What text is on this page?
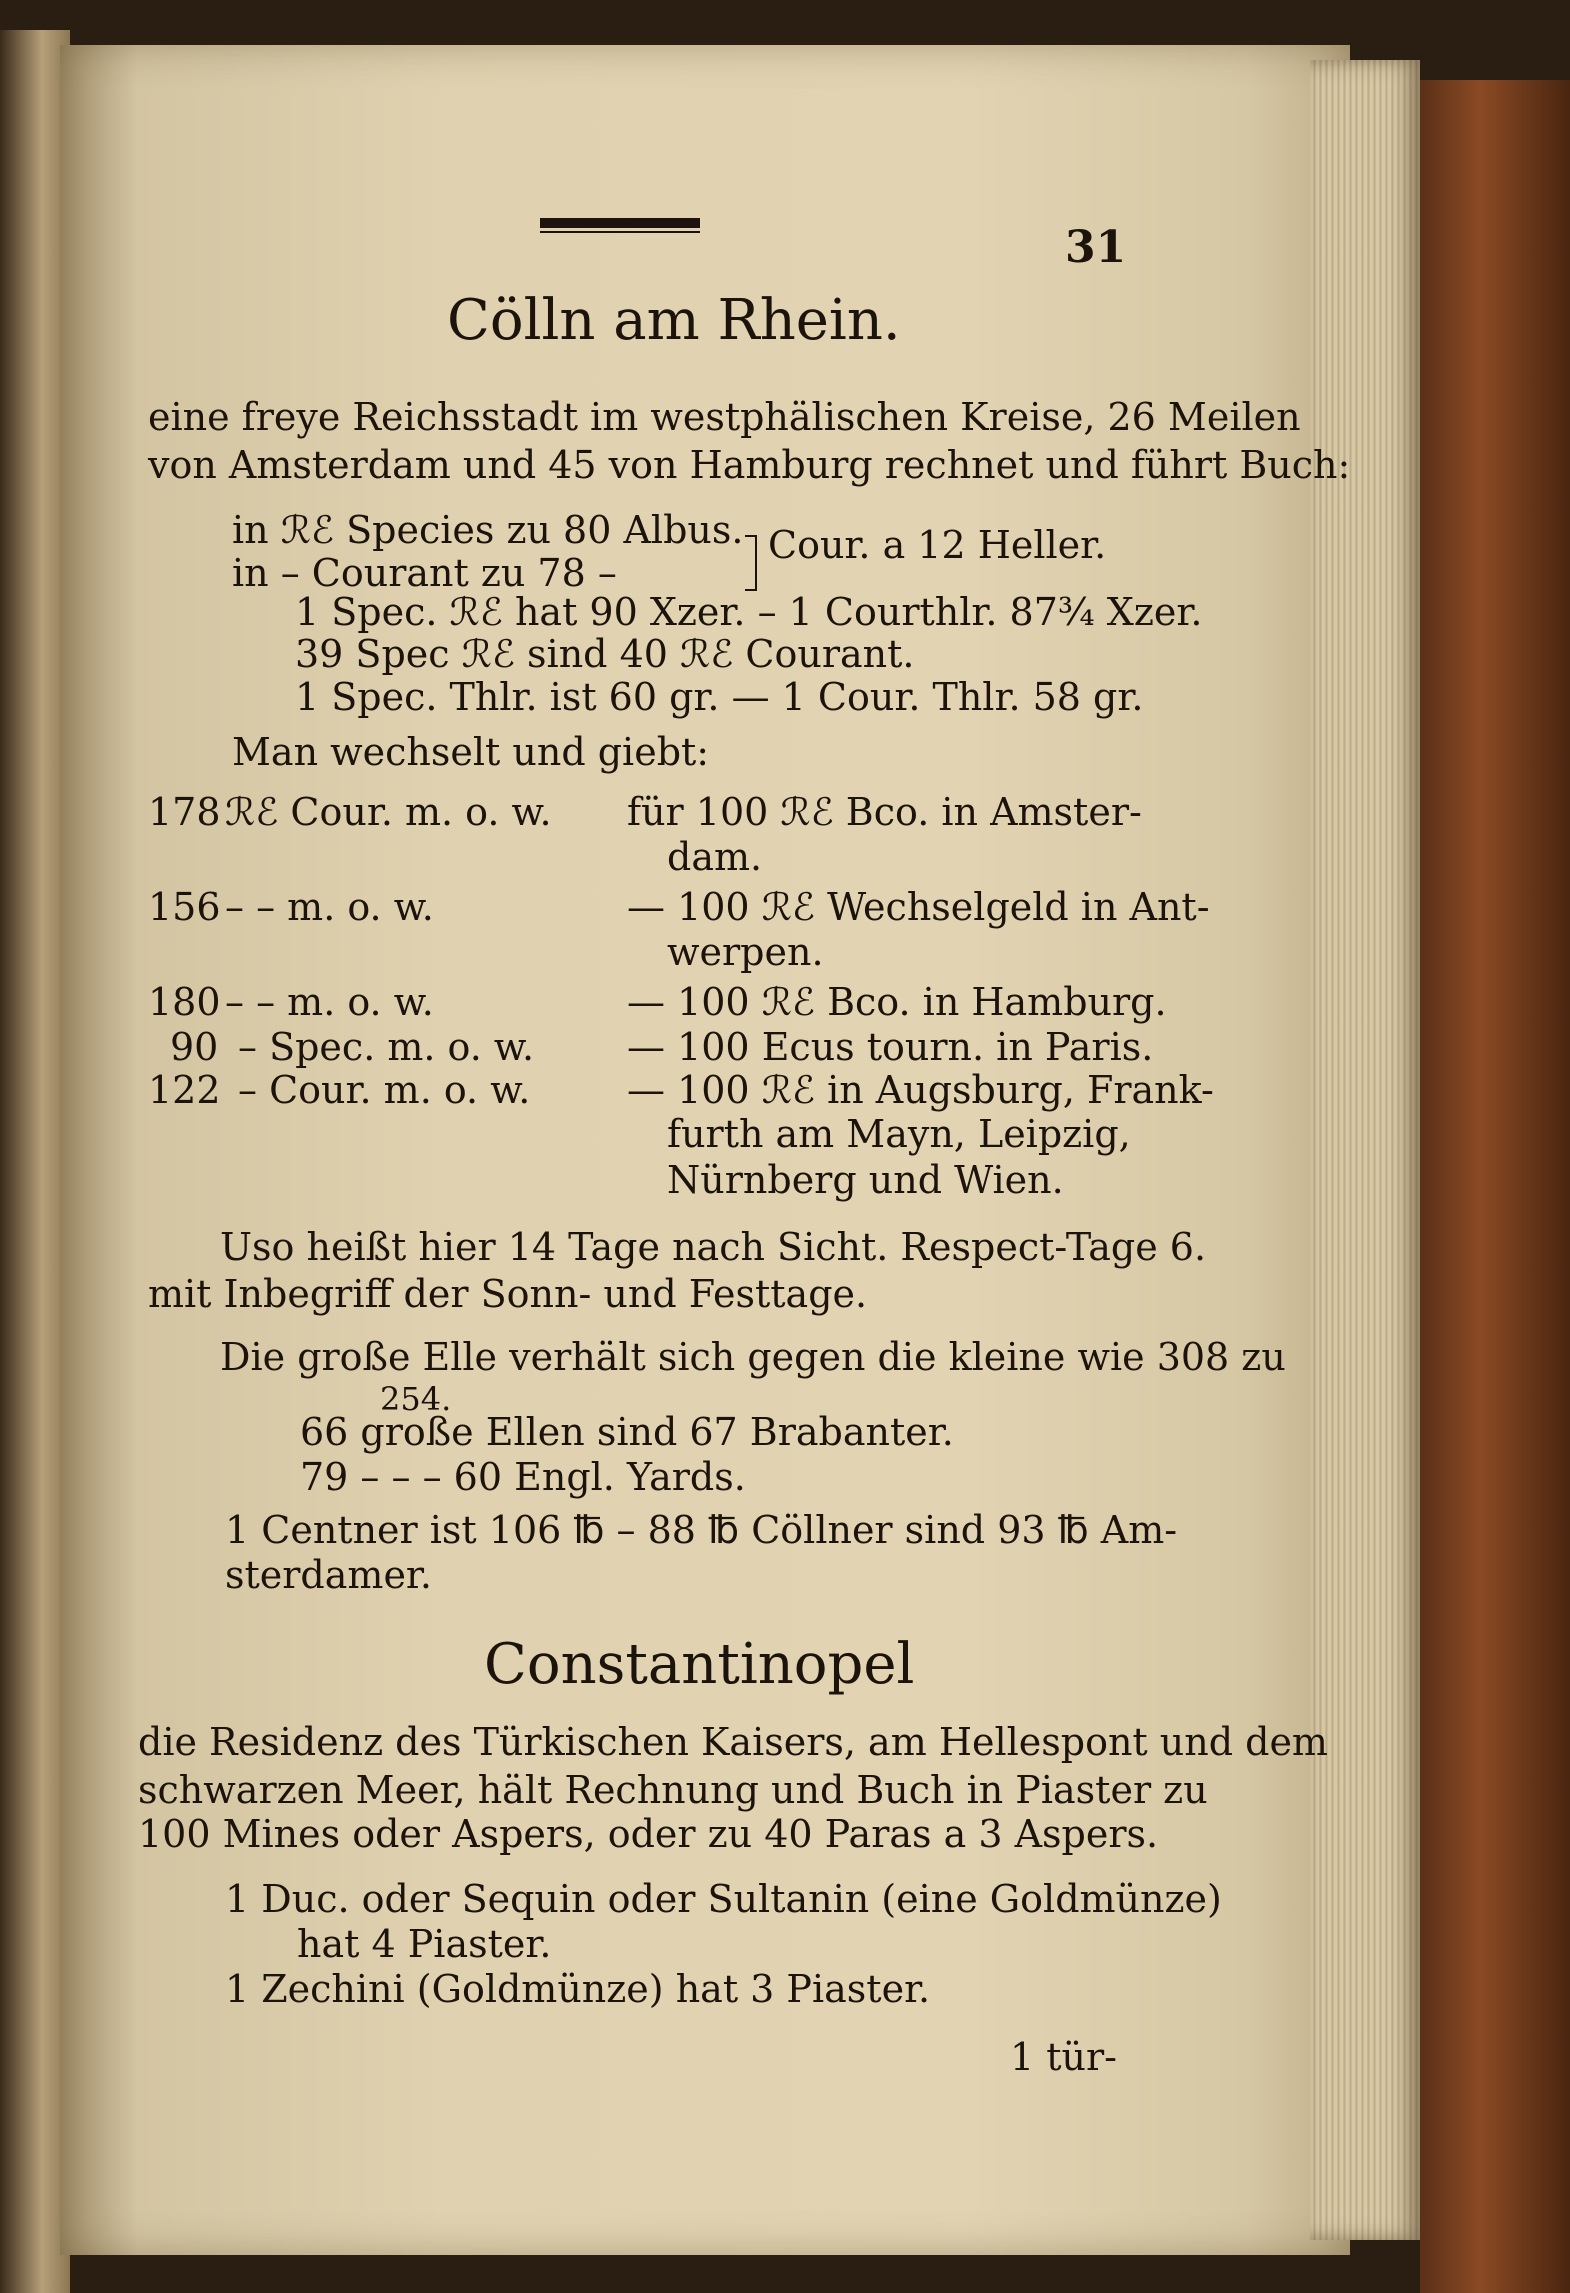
31
Cölln am Rhein.
eine freye Reichsstadt im westphälischen Kreise, 26 Meilen
von Amsterdam und 45 von Hamburg rechnet und führt Buch:
in ℛℰ Species zu 80 Albus.
in – Courant zu 78 –
Cour. a 12 Heller.
1 Spec. ℛℰ hat 90 Xzer. – 1 Courthlr. 87¾ Xzer.
39 Spec ℛℰ sind 40 ℛℰ Courant.
1 Spec. Thlr. ist 60 gr. — 1 Cour. Thlr. 58 gr.
Man wechselt und giebt:
178 ℛℰ Cour. m. o. w. für 100 ℛℰ Bco. in Amster-
dam.
156 – – m. o. w.	— 100 ℛℰ Wechselgeld in Ant-
werpen.
180 – – m. o. w.	— 100 ℛℰ Bco. in Hamburg.
90 – Spec. m. o. w. — 100 Ecus tourn. in Paris.
122 – Cour. m. o. w.	— 100 ℛℰ in Augsburg, Frank-
furth am Mayn, Leipzig,
Nürnberg und Wien.
Uso heißt hier 14 Tage nach Sicht. Respect-Tage 6.
mit Inbegriff der Sonn- und Festtage.
Die große Elle verhält sich gegen die kleine wie 308 zu
254.
66 große Ellen sind 67 Brabanter.
79 – – – 60 Engl. Yards.
1 Centner ist 106 ℔ – 88 ℔ Cöllner sind 93 ℔ Am-
sterdamer.
Constantinopel
die Residenz des Türkischen Kaisers, am Hellespont und dem
schwarzen Meer, hält Rechnung und Buch in Piaster zu
100 Mines oder Aspers, oder zu 40 Paras a 3 Aspers.
1 Duc. oder Sequin oder Sultanin (eine Goldmünze)
hat 4 Piaster.
1 Zechini (Goldmünze) hat 3 Piaster.
1 tür-
